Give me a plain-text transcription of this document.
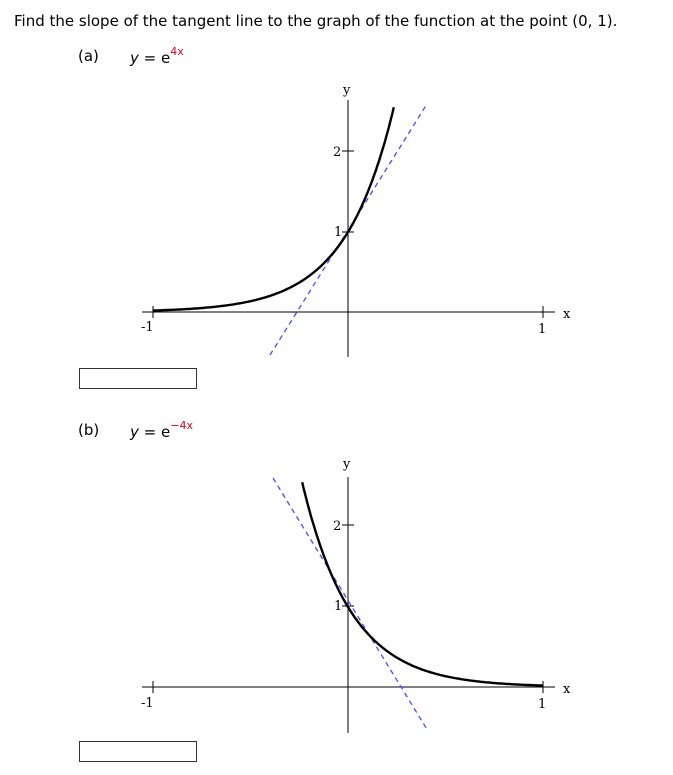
Find the slope of the tangent line to the graph of the function at the point (0, 1).
(a) $y = e^{4x}$
y
x
-1	1
2
1
(b) $y = e^{-4x}$
y
x
-1	1
2
1
